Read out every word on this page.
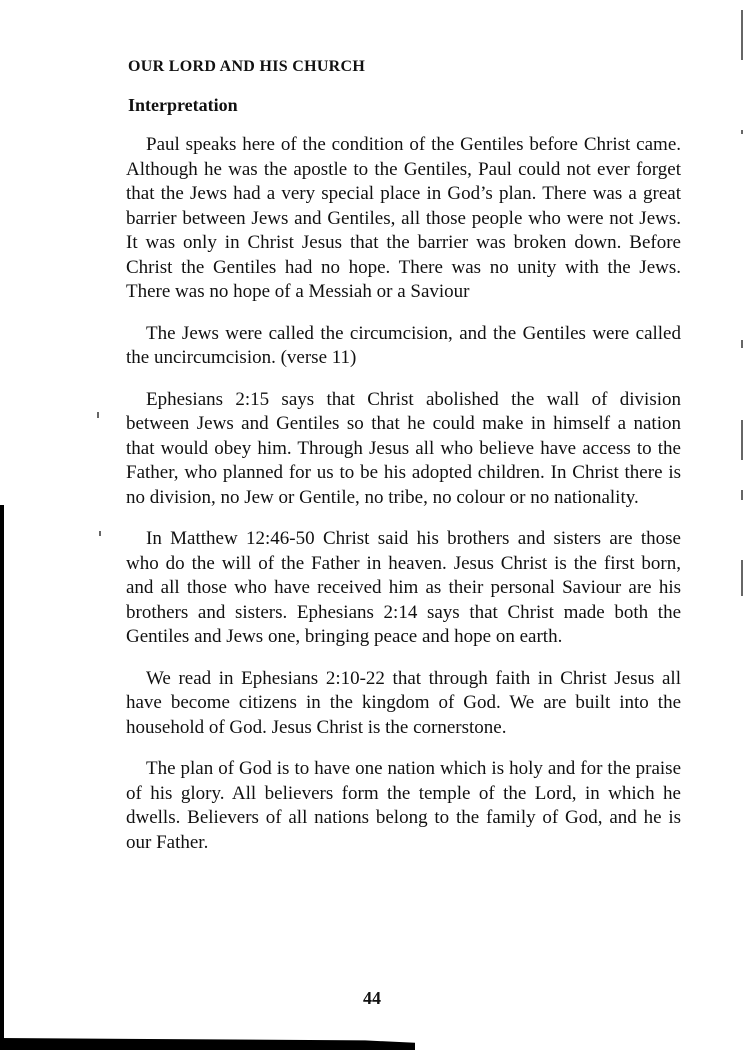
OUR LORD AND HIS CHURCH
Interpretation

Paul speaks here of the condition of the Gentiles before Christ came. Although he was the apostle to the Gentiles, Paul could not ever forget that the Jews had a very special place in God’s plan. There was a great barrier between Jews and Gentiles, all those people who were not Jews. It was only in Christ Jesus that the barrier was broken down. Before Christ the Gentiles had no hope. There was no unity with the Jews. There was no hope of a Messiah or a Saviour

The Jews were called the circumcision, and the Gentiles were called the uncircumcision. (verse 11)

Ephesians 2:15 says that Christ abolished the wall of division between Jews and Gentiles so that he could make in himself a nation that would obey him. Through Jesus all who believe have access to the Father, who planned for us to be his adopted children. In Christ there is no division, no Jew or Gentile, no tribe, no colour or no nationality.

In Matthew 12:46-50 Christ said his brothers and sisters are those who do the will of the Father in heaven. Jesus Christ is the first born, and all those who have received him as their personal Saviour are his brothers and sisters. Ephesians 2:14 says that Christ made both the Gentiles and Jews one, bringing peace and hope on earth.

We read in Ephesians 2:10-22 that through faith in Christ Jesus all have become citizens in the kingdom of God. We are built into the household of God. Jesus Christ is the cornerstone.

The plan of God is to have one nation which is holy and for the praise of his glory. All believers form the temple of the Lord, in which he dwells. Believers of all nations belong to the family of God, and he is our Father.

44
